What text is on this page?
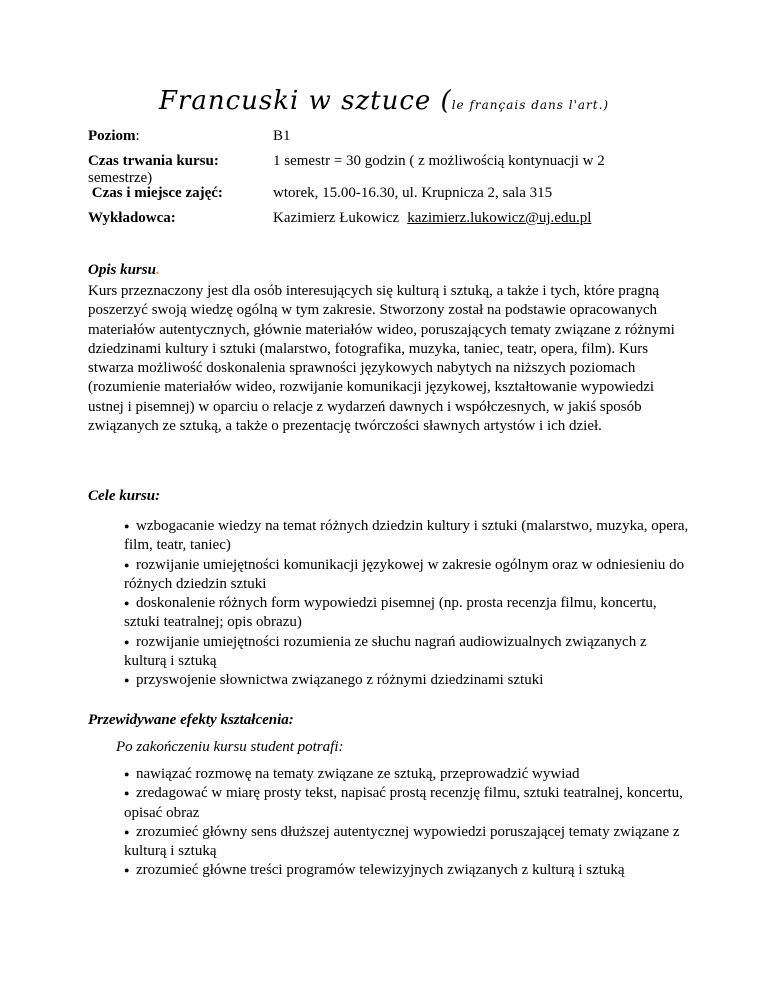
Francuski w sztuce (le français dans l'art.)
Poziom:	B1
Czas trwania kursu:	1 semestr = 30 godzin ( z możliwością kontynuacji w 2
semestrze)
Czas i miejsce zajęć:	wtorek, 15.00-16.30, ul. Krupnicza 2, sala 315
Wykładowca:	Kazimierz Łukowicz kazimierz.lukowicz@uj.edu.pl
Opis kursu.
Kurs przeznaczony jest dla osób interesujących się kulturą i sztuką, a także i tych, które pragną poszerzyć swoją wiedzę ogólną w tym zakresie. Stworzony został na podstawie opracowanych materiałów autentycznych, głównie materiałów wideo, poruszających tematy związane z różnymi dziedzinami kultury i sztuki (malarstwo, fotografika, muzyka, taniec, teatr, opera, film). Kurs stwarza możliwość doskonalenia sprawności językowych nabytych na niższych poziomach (rozumienie materiałów wideo, rozwijanie komunikacji językowej, kształtowanie wypowiedzi ustnej i pisemnej) w oparciu o relacje z wydarzeń dawnych i współczesnych, w jakiś sposób związanych ze sztuką, a także o prezentację twórczości sławnych artystów i ich dzieł.
Cele kursu:
● wzbogacanie wiedzy na temat różnych dziedzin kultury i sztuki (malarstwo, muzyka, opera, film, teatr, taniec)
● rozwijanie umiejętności komunikacji językowej w zakresie ogólnym oraz w odniesieniu do różnych dziedzin sztuki
● doskonalenie różnych form wypowiedzi pisemnej (np. prosta recenzja filmu, koncertu, sztuki teatralnej; opis obrazu)
● rozwijanie umiejętności rozumienia ze słuchu nagrań audiowizualnych związanych z kulturą i sztuką
● przyswojenie słownictwa związanego z różnymi dziedzinami sztuki
Przewidywane efekty kształcenia:
Po zakończeniu kursu student potrafi:
● nawiązać rozmowę na tematy związane ze sztuką, przeprowadzić wywiad
● zredagować w miarę prosty tekst, napisać prostą recenzję filmu, sztuki teatralnej, koncertu, opisać obraz
● zrozumieć główny sens dłuższej autentycznej wypowiedzi poruszającej tematy związane z kulturą i sztuką
● zrozumieć główne treści programów telewizyjnych związanych z kulturą i sztuką
